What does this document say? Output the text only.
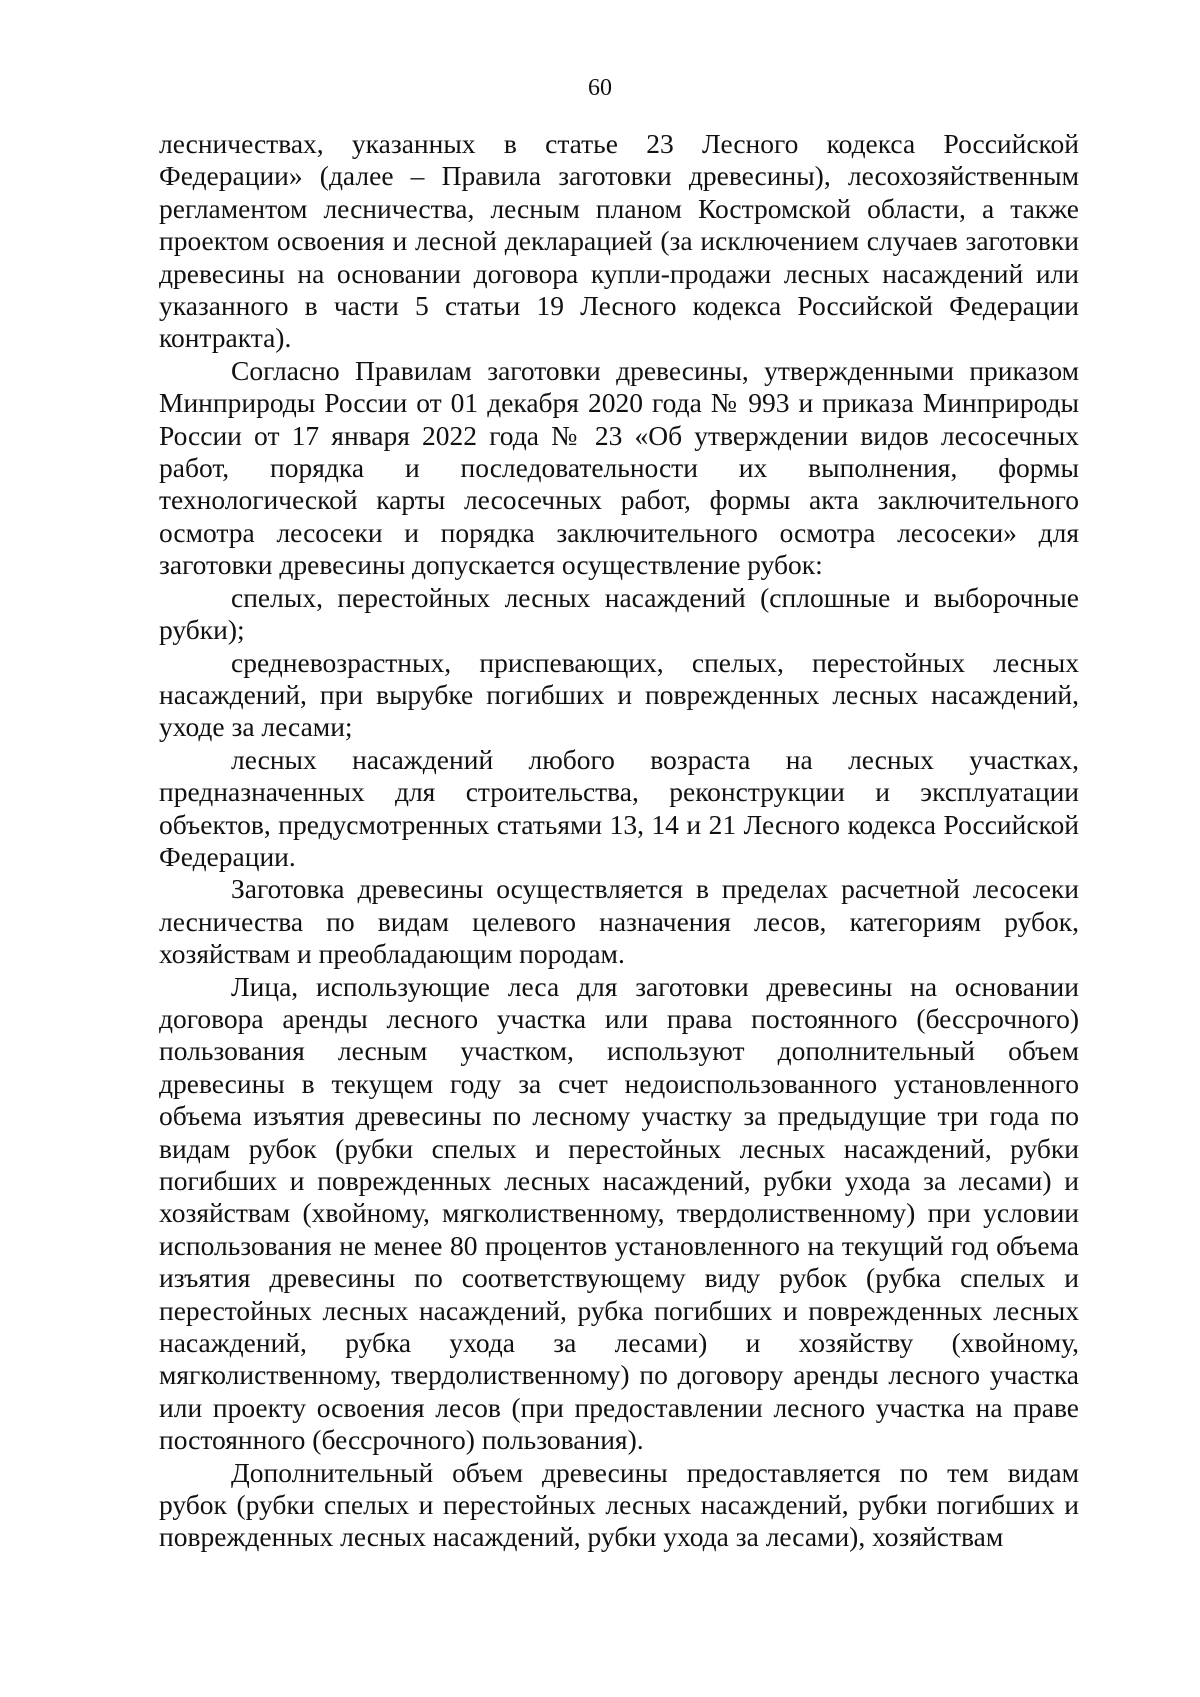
60

лесничествах, указанных в статье 23 Лесного кодекса Российской Федерации» (далее – Правила заготовки древесины), лесохозяйственным регламентом лесничества, лесным планом Костромской области, а также проектом освоения и лесной декларацией (за исключением случаев заготовки древесины на основании договора купли-продажи лесных насаждений или указанного в части 5 статьи 19 Лесного кодекса Российской Федерации контракта).

Согласно Правилам заготовки древесины, утвержденными приказом Минприроды России от 01 декабря 2020 года № 993 и приказа Минприроды России от 17 января 2022 года № 23 «Об утверждении видов лесосечных работ, порядка и последовательности их выполнения, формы технологической карты лесосечных работ, формы акта заключительного осмотра лесосеки и порядка заключительного осмотра лесосеки» для заготовки древесины допускается осуществление рубок:

спелых, перестойных лесных насаждений (сплошные и выборочные рубки);

средневозрастных, приспевающих, спелых, перестойных лесных насаждений, при вырубке погибших и поврежденных лесных насаждений, уходе за лесами;

лесных насаждений любого возраста на лесных участках, предназначенных для строительства, реконструкции и эксплуатации объектов, предусмотренных статьями 13, 14 и 21 Лесного кодекса Российской Федерации.

Заготовка древесины осуществляется в пределах расчетной лесосеки лесничества по видам целевого назначения лесов, категориям рубок, хозяйствам и преобладающим породам.

Лица, использующие леса для заготовки древесины на основании договора аренды лесного участка или права постоянного (бессрочного) пользования лесным участком, используют дополнительный объем древесины в текущем году за счет недоиспользованного установленного объема изъятия древесины по лесному участку за предыдущие три года по видам рубок (рубки спелых и перестойных лесных насаждений, рубки погибших и поврежденных лесных насаждений, рубки ухода за лесами) и хозяйствам (хвойному, мягколиственному, твердолиственному) при условии использования не менее 80 процентов установленного на текущий год объема изъятия древесины по соответствующему виду рубок (рубка спелых и перестойных лесных насаждений, рубка погибших и поврежденных лесных насаждений, рубка ухода за лесами) и хозяйству (хвойному, мягколиственному, твердолиственному) по договору аренды лесного участка или проекту освоения лесов (при предоставлении лесного участка на праве постоянного (бессрочного) пользования).

Дополнительный объем древесины предоставляется по тем видам рубок (рубки спелых и перестойных лесных насаждений, рубки погибших и поврежденных лесных насаждений, рубки ухода за лесами), хозяйствам
